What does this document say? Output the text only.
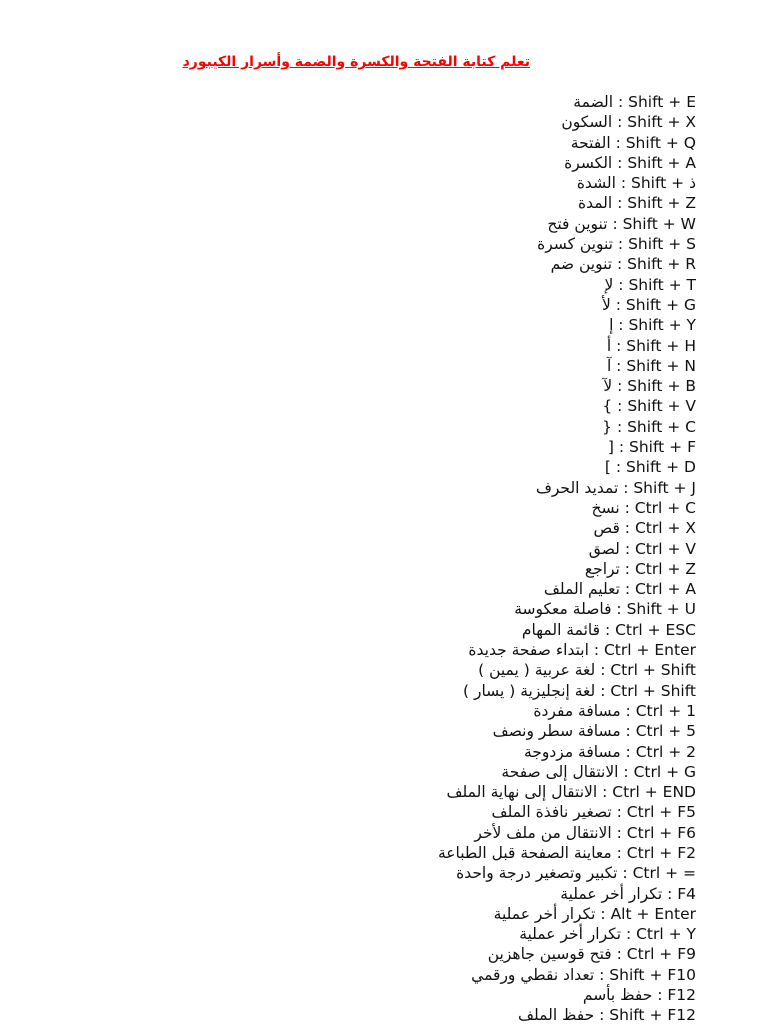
تعلم كتابة الفتحة والكسرة والضمة وأسرار الكيبورد
Shift + E : الضمة
Shift + X : السكون
Shift + Q : الفتحة
Shift + A : الكسرة
Shift + ذ : الشدة
Shift + Z : المدة
Shift + W : تنوين فتح
Shift + S : تنوين كسرة
Shift + R : تنوين ضم
Shift + T : لإ
Shift + G : لأ
Shift + Y : إ
Shift + H : أ
Shift + N : آ
Shift + B : لآ
Shift + V : }
Shift + C : {
Shift + F : [
Shift + D : ]
Shift + J : تمديد الحرف
Ctrl + C : نسخ
Ctrl + X : قص
Ctrl + V : لصق
Ctrl + Z : تراجع
Ctrl + A : تعليم الملف
Shift + U : فاصلة معكوسة
Ctrl + ESC : قائمة المهام
Ctrl + Enter : ابتداء صفحة جديدة
Ctrl + Shift : لغة عربية ( يمين )
Ctrl + Shift : لغة إنجليزية ( يسار )
Ctrl + 1 : مسافة مفردة
Ctrl + 5 : مسافة سطر ونصف
Ctrl + 2 : مسافة مزدوجة
Ctrl + G : الانتقال إلى صفحة
Ctrl + END : الانتقال إلى نهاية الملف
Ctrl + F5 : تصغير نافذة الملف
Ctrl + F6 : الانتقال من ملف لأخر
Ctrl + F2 : معاينة الصفحة قبل الطباعة
Ctrl + = : تكبير وتصغير درجة واحدة
F4 : تكرار أخر عملية
Alt + Enter : تكرار أخر عملية
Ctrl + Y : تكرار أخر عملية
Ctrl + F9 : فتح قوسين جاهزين
Shift + F10 : تعداد نقطي ورقمي
F12 : حفظ بأسم
Shift + F12 : حفظ الملف
